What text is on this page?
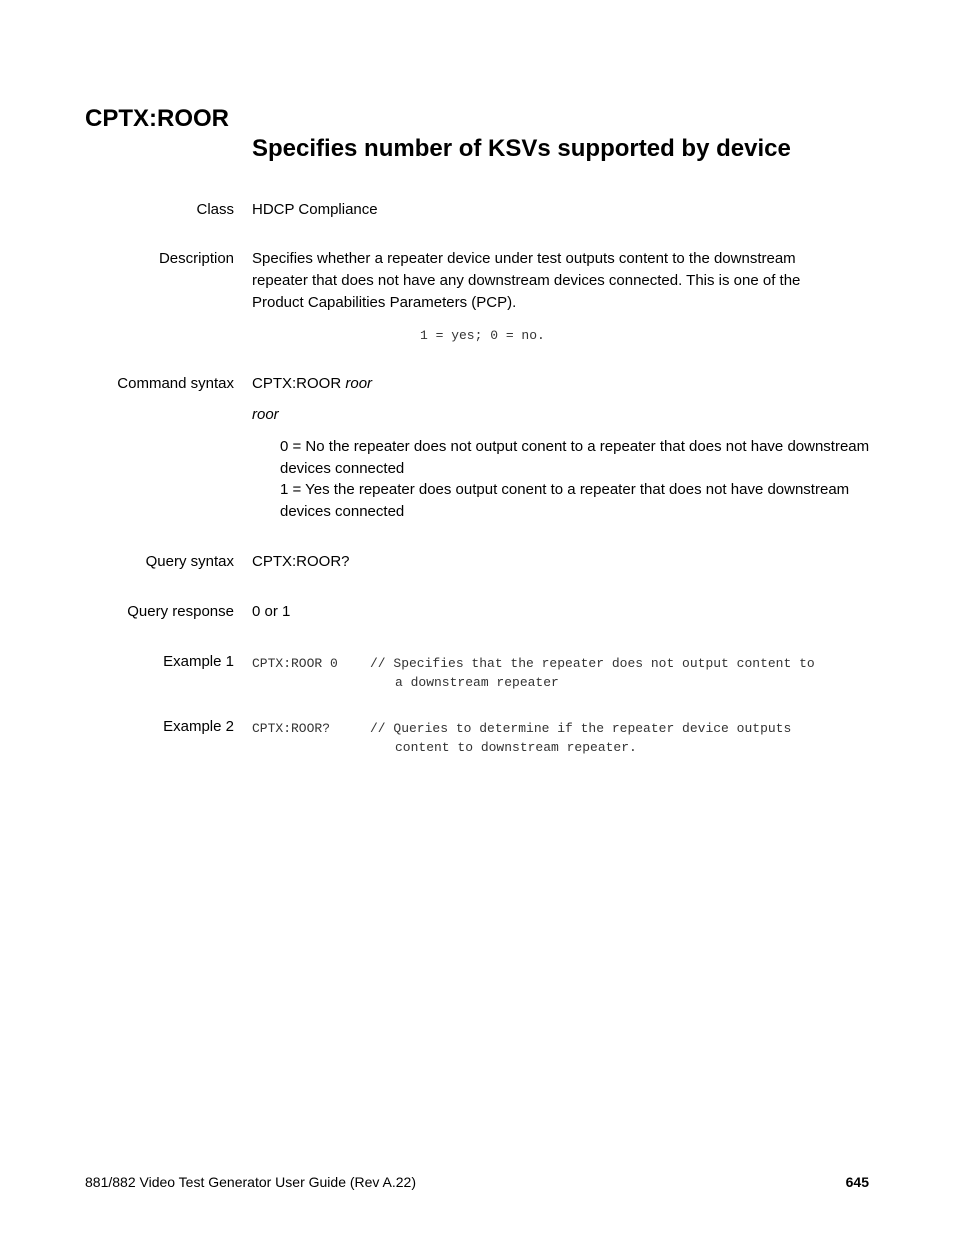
CPTX:ROOR
Specifies number of KSVs supported by device
Class HDCP Compliance
Description Specifies whether a repeater device under test outputs content to the downstream repeater that does not have any downstream devices connected. This is one of the Product Capabilities Parameters (PCP).
1 = yes; 0 = no.
Command syntax CPTX:ROOR roor
roor
0 = No the repeater does not output conent to a repeater that does not have downstream devices connected
1 = Yes the repeater does output conent to a repeater that does not have downstream devices connected
Query syntax CPTX:ROOR?
Query response 0 or 1
Example 1 CPTX:ROOR 0 // Specifies that the repeater does not output content to
a downstream repeater
Example 2 CPTX:ROOR?	// Queries to determine if the repeater device outputs
content to downstream repeater.
881/882 Video Test Generator User Guide (Rev A.22)	645
